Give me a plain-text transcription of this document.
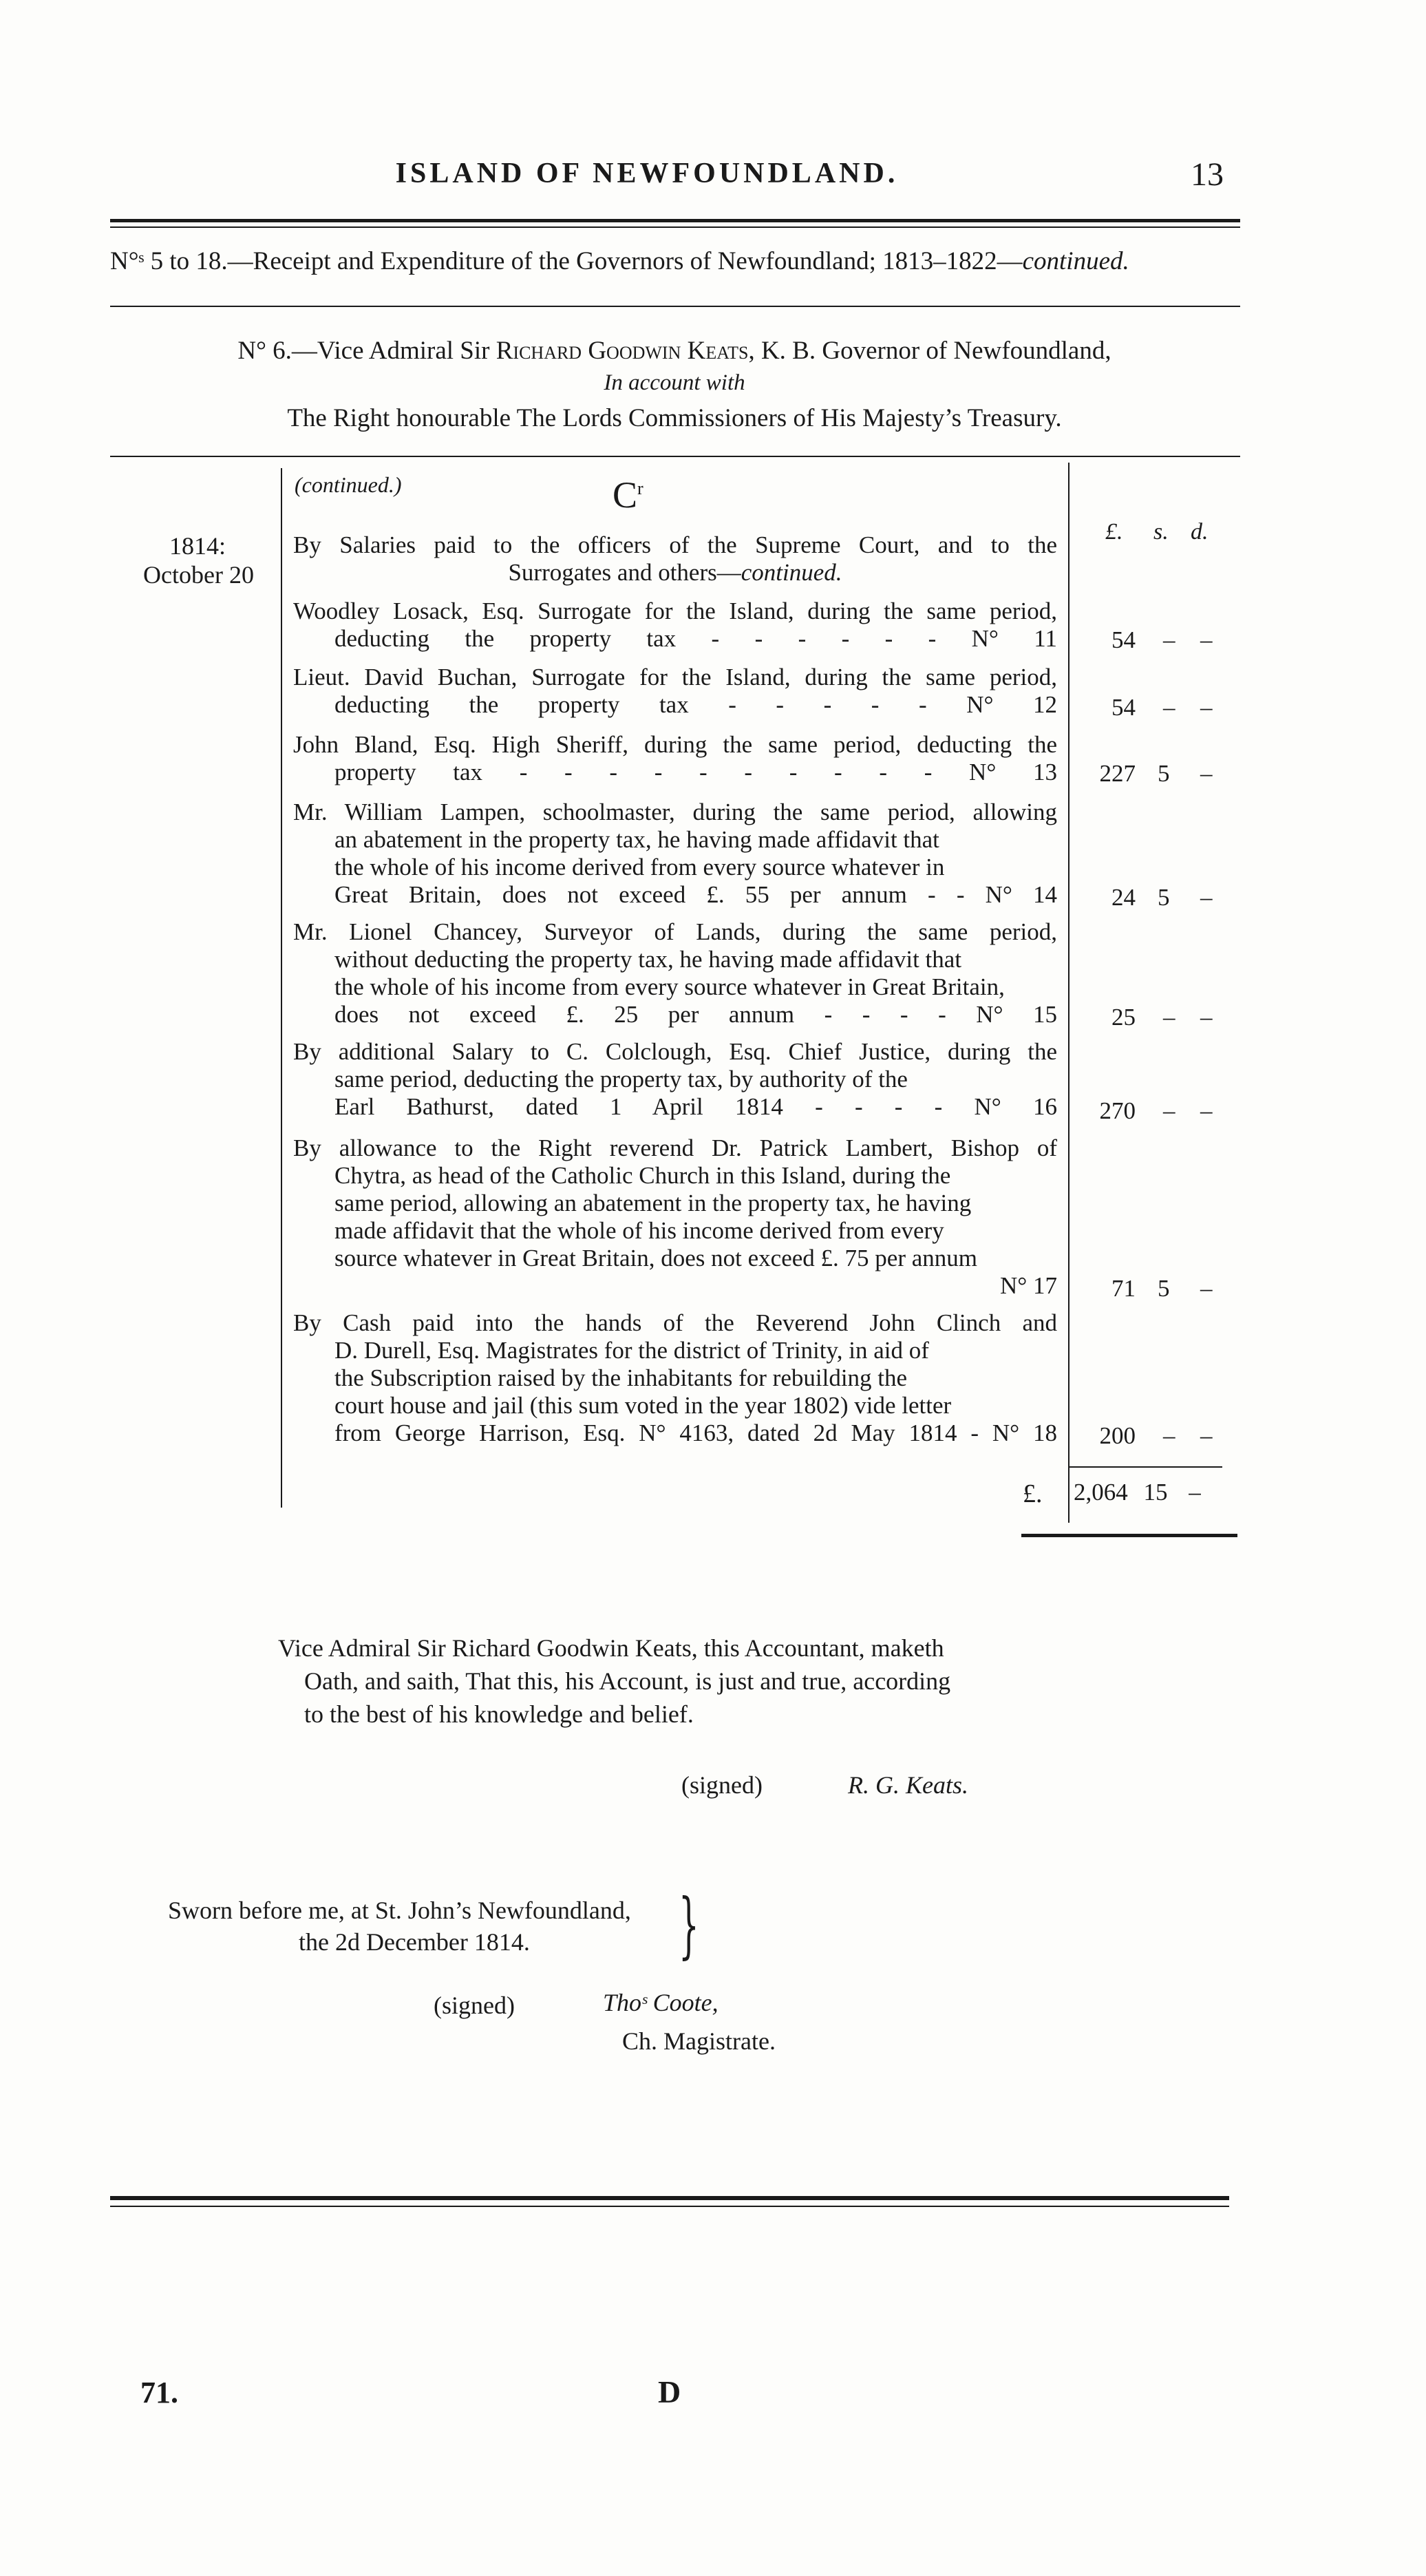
ISLAND OF NEWFOUNDLAND.	13
N°ˢ 5 to 18.—Receipt and Expenditure of the Governors of Newfoundland; 1813–1822—continued.
N° 6.—Vice Admiral Sir Richard Goodwin Keats, K. B. Governor of Newfoundland,
In account with
The Right honourable The Lords Commissioners of His Majesty’s Treasury.
(continued.)	$C^r$
1814:
October 20
£. s. d.
By Salaries paid to the officers of the Supreme Court, and to the
Surrogates and others—continued.
Woodley Losack, Esq. Surrogate for the Island, during the same period,
deducting the property tax - - - - - - N° 11	54 – –
Lieut. David Buchan, Surrogate for the Island, during the same period,
deducting the property tax - - - - - N° 12	54 – –
John Bland, Esq. High Sheriff, during the same period, deducting the
property tax - - - - - - - - - - N° 13	227 5 –
Mr. William Lampen, schoolmaster, during the same period, allowing
an abatement in the property tax, he having made affidavit that
the whole of his income derived from every source whatever in
Great Britain, does not exceed £. 55 per annum - - N° 14	24 5 –
Mr. Lionel Chancey, Surveyor of Lands, during the same period,
without deducting the property tax, he having made affidavit that
the whole of his income from every source whatever in Great Britain,
does not exceed £. 25 per annum - - - - N° 15	25 – –
By additional Salary to C. Colclough, Esq. Chief Justice, during the
same period, deducting the property tax, by authority of the
Earl Bathurst, dated 1 April 1814 - - - - N° 16	270 – –
By allowance to the Right reverend Dr. Patrick Lambert, Bishop of
Chytra, as head of the Catholic Church in this Island, during the
same period, allowing an abatement in the property tax, he having
made affidavit that the whole of his income derived from every
source whatever in Great Britain, does not exceed £. 75 per annum
N° 17	71 5 –
By Cash paid into the hands of the Reverend John Clinch and
D. Durell, Esq. Magistrates for the district of Trinity, in aid of
the Subscription raised by the inhabitants for rebuilding the
court house and jail (this sum voted in the year 1802) vide letter
from George Harrison, Esq. N° 4163, dated 2d May 1814 - N° 18	200 – –
£. 2,064 15 –
Vice Admiral Sir Richard Goodwin Keats, this Accountant, maketh
Oath, and saith, That this, his Account, is just and true, according
to the best of his knowledge and belief.
(signed)	R. G. Keats.
Sworn before me, at St. John’s Newfoundland,
the 2d December 1814.	}
(signed)	Thoˢ Coote,
Ch. Magistrate.
71.	D
